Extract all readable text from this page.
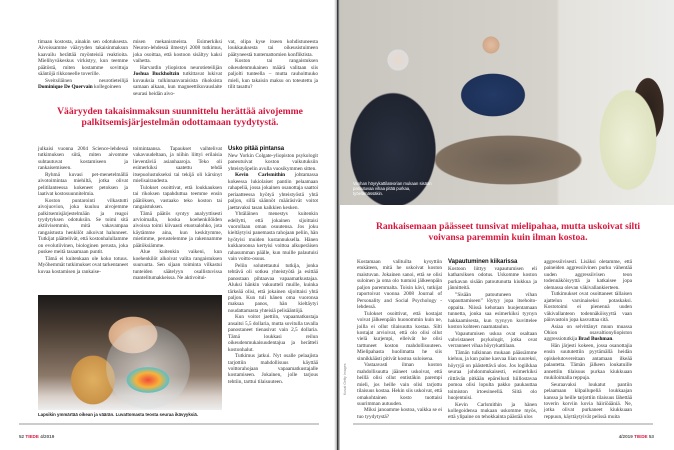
timaan kostosta, ainakin sen odotuksesta. Aivoissamme vääryyden takaisinmaksun kaavailu herättää myönteisiä reaktioita. Mielihyväkeskus virkistyy, kun teemme päätöstä, miten kostamme sovittuja sääntöjä rikkoneelle toverille.

Sveitsiläinen neurotieteilijä Dominique De Quervain kollegoineen

misen mekanismeista. Esimerkiksi Neuron-lehdessä ilmestyi 2008 tutkimus, joka osoittaa, että kostoon sisältyy kaksi vaihetta.

Harvardin yliopiston neurotieteilijän Joshua Buckholtzin tutkittavat lukivat kuvauksia tulkinnanvaraisista rikoksista samaan aikaan, kun magneettikuvauslaite seurasi heidän aivo-

vat, olipa kyse itseen kohdistuneesta loukkauksesta tai oikeusistuimeen päätyneestä tuntemattomien konfliktista.

Koston tai rangaistuksen oikeudenmukainen määrä valitaan siis paljolti tunteella – mutta rauhoittuuko mieli, kun takaisin maksu on toteutettu ja tilit tasattu?

Vääryyden takaisinmaksun suunnittelu herättää aivojemme palkitsemisjärjestelmän odottamaan tyydytystä.

julkaisi vuonna 2004 Science-lehdessä tutkimuksen siitä, miten aivomme suhtautuvat kostamiseen ja rankaisemiseen.

Ryhmä kuvasi pet-menetelmällä aivotoimintaa miehiltä, jotka olivat pelitilanteessa kokeneet petoksen ja laativat kostosuunnitelmia.

Koston puntarointi vilkastutti aivojuovion, joka kuuluu aivojemme palkitsemisjärjestelmään ja reagoi tyydytyksen odotuksiin. Se toimi sitä aktiivisemmin, mitä vakavampaa rangaistusta henkilöt aikoivat halunneet. Tutkijat päättelivät, että kostonhalullamme on evolutiivinen, biologinen perusta, joka puskee meitä tasaamaan puntit.

Tämä ei kuitenkaan ole koko totuus. Myöhemmät tutkimukset ovat tarkentaneet kuvaa kostamisen ja rankaise-

toimintaansa. Tapaukset vaihtelivat vakavuudeltaan, ja niihin liittyi erilaisia lieventäviä asianhaaroja. Teko oli esimerkiksi saatettu tehdä itsepuolustukseksi tai tekijä oli kärsinyt mielisairaudesta.

Tulokset osoittivat, että loukkauksen tai rikoksen tapahduttua teemme ensin päätöksen, vastaako teko koston tai rangaistuksen.

Tämä päätös syntyy analyyttisesti arvioimalla, koska koehenkilöiden aivoissa toimi kiivaasti etuotsalohko, jota käytämme aina, kun keskitymme, mietimme, perustelemme ja rakennamme päätöksiämme.

Alue kuitenkin vaikeni, kun koehenkilöt alkoivat valita rangaistuksen suuruutta. Sen sijaan toiminta vilkastui tunteiden säätelyyn osallistuvissa mantelitumakkeissa. Ne aktivoitui-

Usko pitää pintansa

New Yorkin Colgate-yliopiston psykologit paneutuivat koston vaikutuksiin yhteistyöpelin avulla vuosikymmen sitten.

Kevin Carlsmithin johtamassa kokeessa lukiolaiset pantiin pelaamaan rahapeliä, jossa jokainen osanottaja saattoi periaatteessa hyötyä yhteistyöstä yhtä paljon, sillä säännöt määräsivät voitot jaettavaksi tasan kaikkien kesken.

Yhtäläinen menestys kuitenkin edellytti, että jokainen sijoittaisi vuorollaan oman osuutensa. Jos joku kieltäytyisi panemasta rahojaan peliin, hän hyötyisi muiden kustannuksella. Hänen kukkaroonsa kertyisi voittoa alkuperäisen rahasumman päälle, kun muille palautuisi vain voitto-osuus.

Peliin solutettautui tutkija, jonka tehtävä oli sotkea yhteistyötä ja esittää panostaan pihtaavaa vapaamatkustajaa. Aluksi hänkin vakuutteli muille, kuinka tärkeää olisi, että jokainen sijoittaisi yhtä paljon. Kun tuli hänen oma vuoronsa maksaa panos, hän kieltäytyi noudattamasta yhteisiä pelisääntöjä.

Kun voitot jaettiin, vapaamatkustaja ansaitsi 5,5 dollaria, mutta sovitulla tavalla panostaneet tienasivat vain 2,5 dollaria. Tämä loukkasi reilun oikeudenmukaisuudentajua ja herätteli kostonhalut.

Tutkimus jatkui. Nyt osalle pelaajista tarjottiin mahdollisuus käyttää voittorahojaan vapaamatkustajalle kostamiseen. Jokainen, jolle tarjous tehtiin, tarttui tilaisuuteen.

Lapsikin ymmärtää oikean ja väärän. Luvattomasta teosta seuraa ikävyyksiä.
52 TIEDE 4/2019
Vanhan höyrykattilateorian mukaan sisään patoutuvaa vihaa pitää purkaa, työelämässäkin.
Rankaisemaan päässeet tunsivat mielipahaa, mutta uskoivat silti voivansa paremmin kuin ilman kostoa.

Kostamaan valituilta kysyttiin etukäteen, mitä he uskoivat koston maistuvan. Jokainen sanoi, että se olisi suloinen ja oma olo tuntuisi jälkeenpäin paljon paremmalta. Toisin kävi, tutkijat raportoivat vuonna 2008 Journal of Personality and Social Psychology -lehdessä.

Tulokset osoittivat, että kostajat voivat jälkeenpäin huonommin kuin ne, joilla ei ollut tilaisuutta kostaa. Silti kostajat arvioivat, että olo olisi ollut vielä kurjempi, elleivät he olisi tarttuneet koston mahdollisuuteen. Mielipahasta huolimatta he siis sinnikkäästi pitivät kostoa suloisena.

Vastaavasti ilman koston mahdollisuutta jääneet uskoivat, että heillä olisi ollut entistäkin parempi mieli, jos heille vain olisi tarjottu tilaisuus kostaa. Hekin siis uskoivat, että omakohtainen kosto tuottaisi suurimman autuuden.

Miksi janoamme kostoa, vaikka se ei tuo tyydytystä?

Vapautuminen kiikarissa

Kostoon liittyy vapautumisen eli katharsiksen odotus. Uskomme koston purkavan sisään patoutunutta kiukkua ja jännitteitä.

”Sisään patoutuneen vihan vapauttamiseen” löytyy jopa itsehoito-oppaita. Niissä kehotaan huojentamaan tunnetta, jonka saa esimerkiksi tyynyn hakkaamisesta, kun tyynyyn kuvittelee koston kohteen naamataulun.

Vapautumisen uskoa ovat osaltaan vahvistaneet psykologit, jotka ovat verranneet vihaa höyrykattilaan.

Tämän tulkinnan mukaan päässämme kiehuu, ja kun paine kasvaa liian suureksi, höyryjä on päästettävä ulos. Jos logiikkaa seuraa johdonmukaisesti, esimerkiksi riittävän pitkään epäreilusti hiillostavaa pomoa olisi lopulta pakko paukauttaa toimiston irtoesineellä. Siitä olo huojentuisi.

Kevin Carlsmithin ja hänen kollegoidensa mukaan uskomme myös, että ylipaine on tehokkainta päästää ulos

aggressiivisesti. Lisäksi oletamme, että paineiden aggressiivinen purku vähentää uuden aggressiivisen teon todennäköisyyttä ja katkaisee jopa olemassa olevan väkivallankierteen.

Tutkimukset ovat osoittaneet tällaisen ajattelun varsinaiseksi potaskaksi. Kostotoimi ei pienennä uuden väkivallanteon todennäköisyyttä vaan päinvastoin jopa kasvattaa sitä.

Asiaa on selvittänyt muun muassa Ohion osavaltionyliopiston aggressiotutkija Brad Bushman.

Hän järjesti kokeen, jossa osanottajia ensin suututettiin pyytämällä heidän opiskelutovereitaan antamaan ilkeää palautetta. Tämän jälkeen loukatuille annettiin tilaisuus purkaa kiukkuaan mukiloimalla reppuja.

Seuraavaksi loukatut pantiin pelaamaan kilpailupeliä loukkaajan kanssa ja heille tarjottiin tilaisuus lähettää toverin korviin kovia häiriöääniä. Ne, jotka olivat purkaneet kiukkuaan reppuun, käyttäytyivät pelissä muita

Kuvat Getty Images
4/2019 TIEDE 53
